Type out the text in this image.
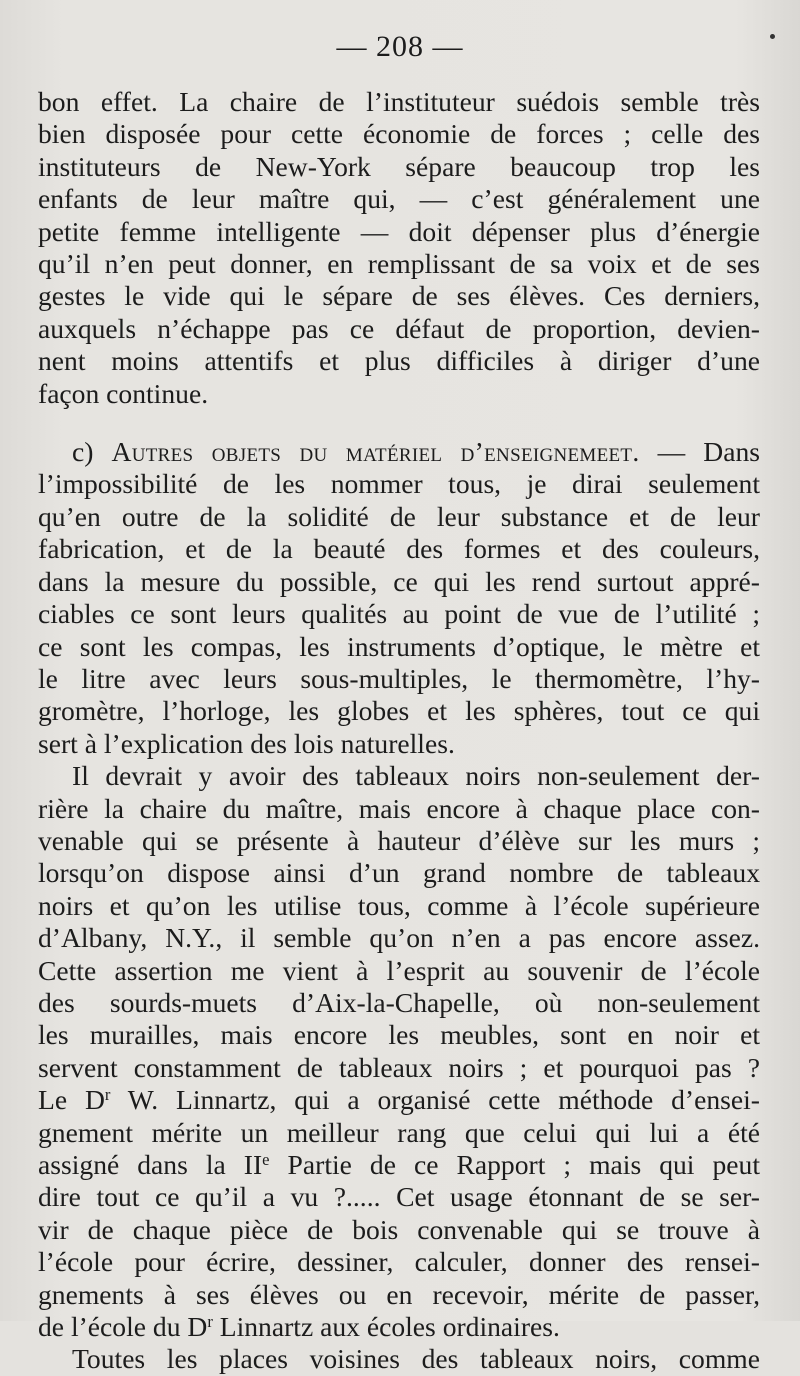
— 208 —
bon effet. La chaire de l’instituteur suédois semble très
bien disposée pour cette économie de forces ; celle des
instituteurs de New-York sépare beaucoup trop les
enfants de leur maître qui, — c’est généralement une
petite femme intelligente — doit dépenser plus d’énergie
qu’il n’en peut donner, en remplissant de sa voix et de ses
gestes le vide qui le sépare de ses élèves. Ces derniers,
auxquels n’échappe pas ce défaut de proportion, devien-
nent moins attentifs et plus difficiles à diriger d’une
façon continue.
c) Autres objets du matériel d’enseignemeet. — Dans
l’impossibilité de les nommer tous, je dirai seulement
qu’en outre de la solidité de leur substance et de leur
fabrication, et de la beauté des formes et des couleurs,
dans la mesure du possible, ce qui les rend surtout appré-
ciables ce sont leurs qualités au point de vue de l’utilité ;
ce sont les compas, les instruments d’optique, le mètre et
le litre avec leurs sous-multiples, le thermomètre, l’hy-
gromètre, l’horloge, les globes et les sphères, tout ce qui
sert à l’explication des lois naturelles.
Il devrait y avoir des tableaux noirs non-seulement der-
rière la chaire du maître, mais encore à chaque place con-
venable qui se présente à hauteur d’élève sur les murs ;
lorsqu’on dispose ainsi d’un grand nombre de tableaux
noirs et qu’on les utilise tous, comme à l’école supérieure
d’Albany, N.Y., il semble qu’on n’en a pas encore assez.
Cette assertion me vient à l’esprit au souvenir de l’école
des sourds-muets d’Aix-la-Chapelle, où non-seulement
les murailles, mais encore les meubles, sont en noir et
servent constamment de tableaux noirs ; et pourquoi pas ?
Le $D^r$ W. Linnartz, qui a organisé cette méthode d’ensei-
gnement mérite un meilleur rang que celui qui lui a été
assigné dans la IIe Partie de ce Rapport ; mais qui peut
dire tout ce qu’il a vu ?..... Cet usage étonnant de se ser-
vir de chaque pièce de bois convenable qui se trouve à
l’école pour écrire, dessiner, calculer, donner des rensei-
gnements à ses élèves ou en recevoir, mérite de passer,
de l’école du $D^r$ Linnartz aux écoles ordinaires.
Toutes les places voisines des tableaux noirs, comme
